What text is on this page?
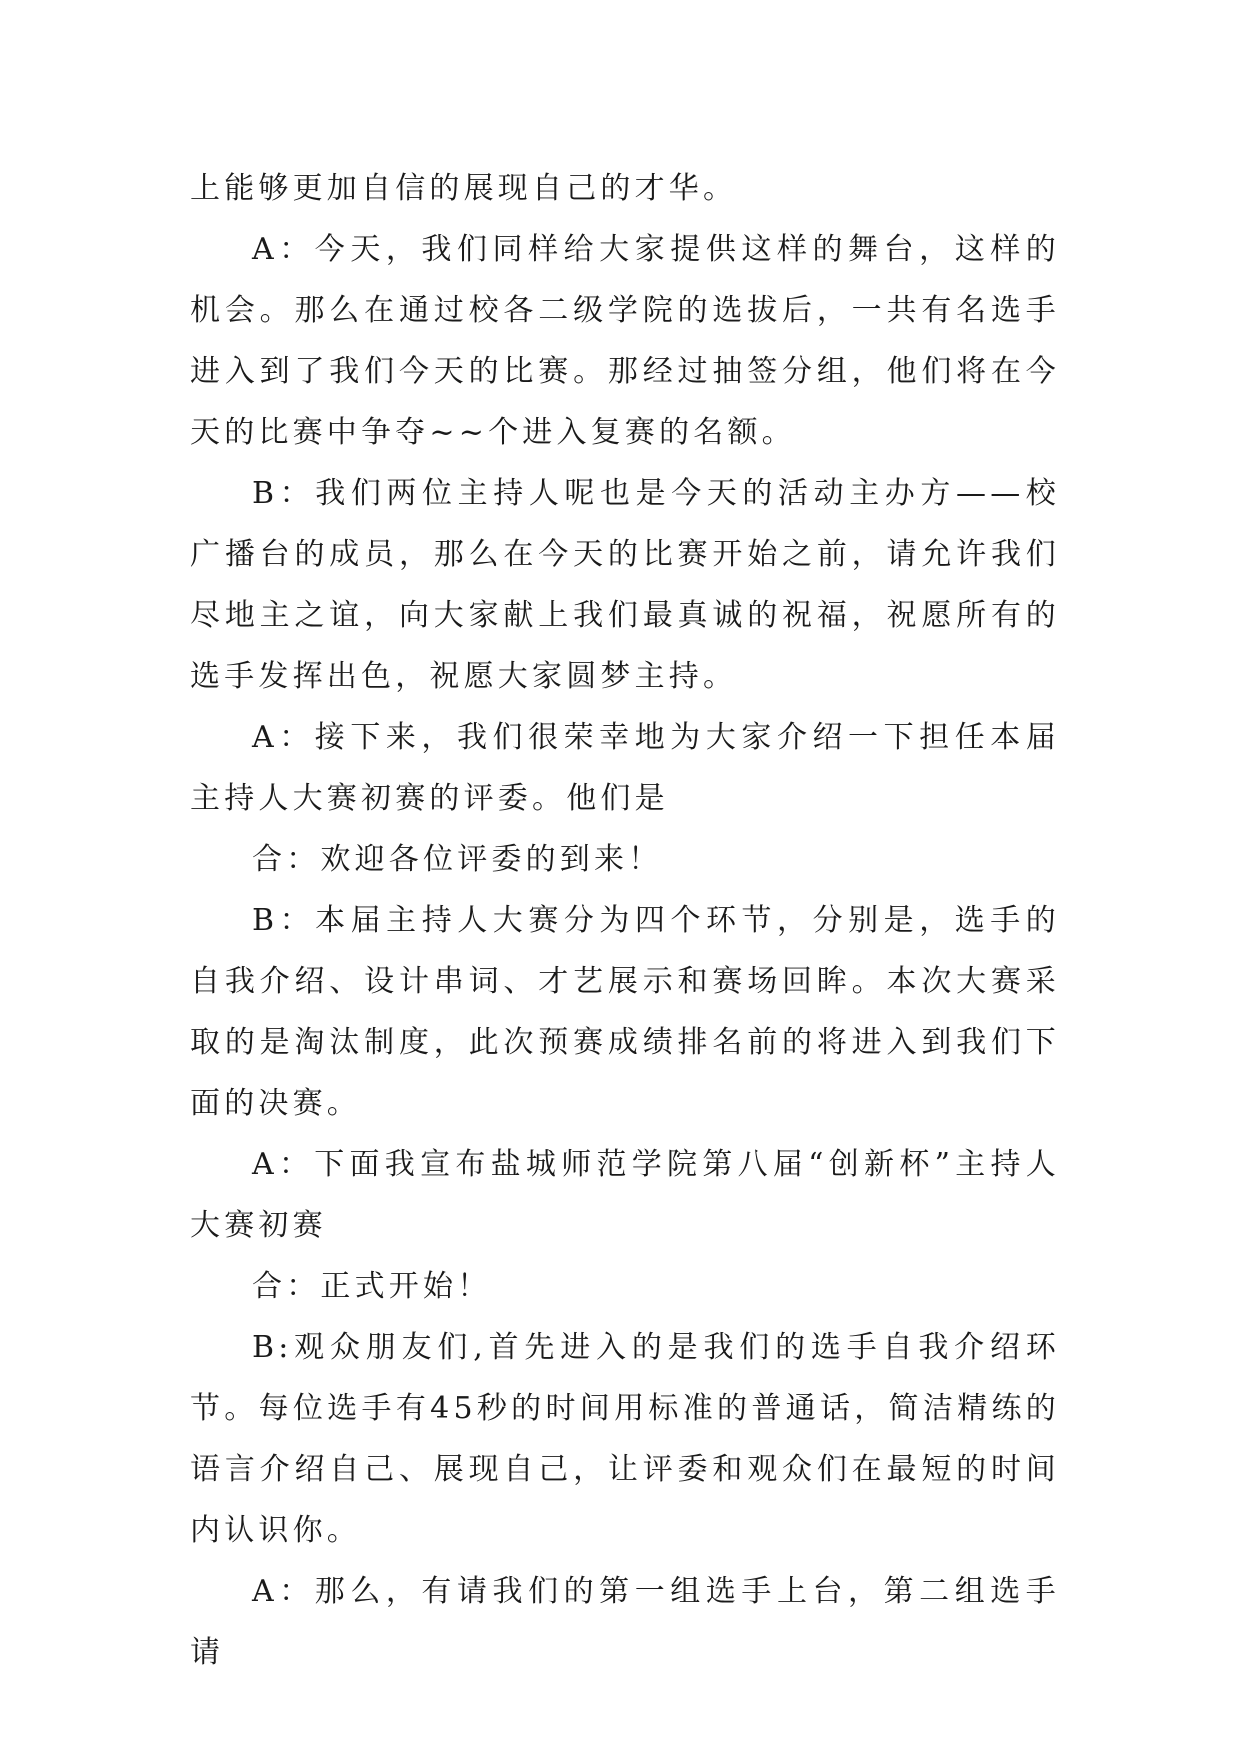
上能够更加自信的展现自己的才华。

A：今天，我们同样给大家提供这样的舞台，这样的机会。那么在通过校各二级学院的选拔后，一共有名选手进入到了我们今天的比赛。那经过抽签分组，他们将在今天的比赛中争夺~~个进入复赛的名额。

B：我们两位主持人呢也是今天的活动主办方——校广播台的成员，那么在今天的比赛开始之前，请允许我们尽地主之谊，向大家献上我们最真诚的祝福，祝愿所有的选手发挥出色，祝愿大家圆梦主持。

A：接下来，我们很荣幸地为大家介绍一下担任本届主持人大赛初赛的评委。他们是

合：欢迎各位评委的到来！

B：本届主持人大赛分为四个环节，分别是，选手的自我介绍、设计串词、才艺展示和赛场回眸。本次大赛采取的是淘汰制度，此次预赛成绩排名前的将进入到我们下面的决赛。

A：下面我宣布盐城师范学院第八届“创新杯”主持人大赛初赛

合：正式开始！

B:观众朋友们,首先进入的是我们的选手自我介绍环节。每位选手有45秒的时间用标准的普通话，简洁精练的语言介绍自己、展现自己，让评委和观众们在最短的时间内认识你。

A：那么，有请我们的第一组选手上台，第二组选手请
